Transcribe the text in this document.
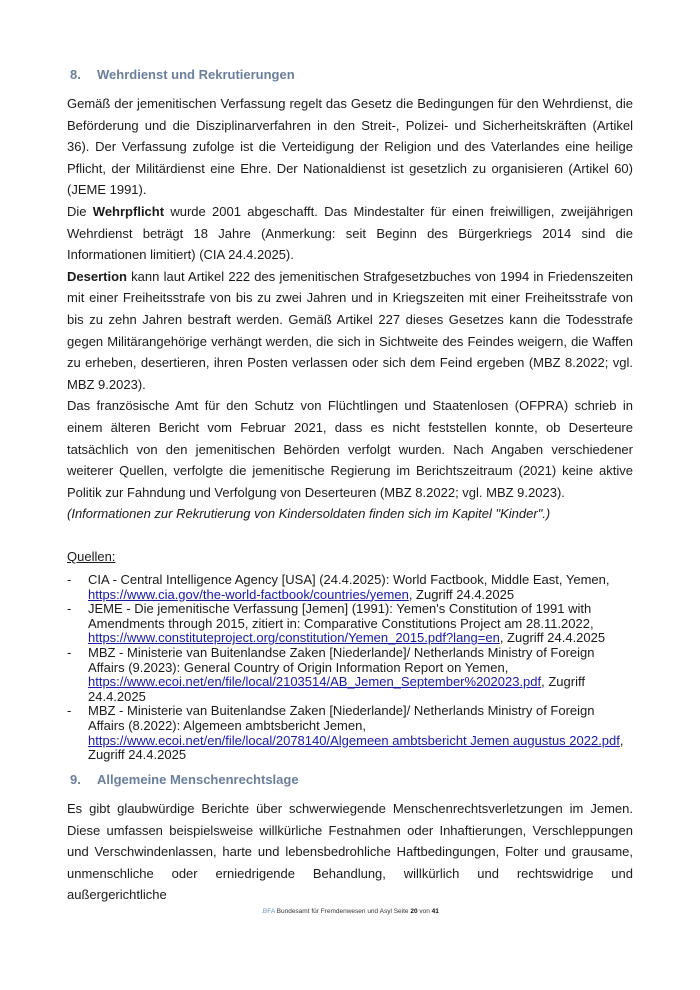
8.	Wehrdienst und Rekrutierungen

Gemäß der jemenitischen Verfassung regelt das Gesetz die Bedingungen für den Wehrdienst, die Beförderung und die Disziplinarverfahren in den Streit-, Polizei- und Sicherheitskräften (Artikel 36). Der Verfassung zufolge ist die Verteidigung der Religion und des Vaterlandes eine heilige Pflicht, der Militärdienst eine Ehre. Der Nationaldienst ist gesetzlich zu organisieren (Artikel 60) (JEME 1991).

Die Wehrpflicht wurde 2001 abgeschafft. Das Mindestalter für einen freiwilligen, zweijährigen Wehrdienst beträgt 18 Jahre (Anmerkung: seit Beginn des Bürgerkriegs 2014 sind die Informationen limitiert) (CIA 24.4.2025).

Desertion kann laut Artikel 222 des jemenitischen Strafgesetzbuches von 1994 in Friedenszeiten mit einer Freiheitsstrafe von bis zu zwei Jahren und in Kriegszeiten mit einer Freiheitsstrafe von bis zu zehn Jahren bestraft werden. Gemäß Artikel 227 dieses Gesetzes kann die Todesstrafe gegen Militärangehörige verhängt werden, die sich in Sichtweite des Feindes weigern, die Waffen zu erheben, desertieren, ihren Posten verlassen oder sich dem Feind ergeben (MBZ 8.2022; vgl. MBZ 9.2023).

Das französische Amt für den Schutz von Flüchtlingen und Staatenlosen (OFPRA) schrieb in einem älteren Bericht vom Februar 2021, dass es nicht feststellen konnte, ob Deserteure tatsächlich von den jemenitischen Behörden verfolgt wurden. Nach Angaben verschiedener weiterer Quellen, verfolgte die jemenitische Regierung im Berichtszeitraum (2021) keine aktive Politik zur Fahndung und Verfolgung von Deserteuren (MBZ 8.2022; vgl. MBZ 9.2023).

(Informationen zur Rekrutierung von Kindersoldaten finden sich im Kapitel "Kinder".)

Quellen:

- CIA - Central Intelligence Agency [USA] (24.4.2025): World Factbook, Middle East, Yemen, https://www.cia.gov/the-world-factbook/countries/yemen, Zugriff 24.4.2025
- JEME - Die jemenitische Verfassung [Jemen] (1991): Yemen's Constitution of 1991 with Amendments through 2015, zitiert in: Comparative Constitutions Project am 28.11.2022, https://www.constituteproject.org/constitution/Yemen_2015.pdf?lang=en, Zugriff 24.4.2025
- MBZ - Ministerie van Buitenlandse Zaken [Niederlande]/ Netherlands Ministry of Foreign Affairs (9.2023): General Country of Origin Information Report on Yemen, https://www.ecoi.net/en/file/local/2103514/AB_Jemen_September%202023.pdf, Zugriff 24.4.2025
- MBZ - Ministerie van Buitenlandse Zaken [Niederlande]/ Netherlands Ministry of Foreign Affairs (8.2022): Algemeen ambtsbericht Jemen, https://www.ecoi.net/en/file/local/2078140/Algemeen ambtsbericht Jemen augustus 2022.pdf, Zugriff 24.4.2025
9.	Allgemeine Menschenrechtslage

Es gibt glaubwürdige Berichte über schwerwiegende Menschenrechtsverletzungen im Jemen. Diese umfassen beispielsweise willkürliche Festnahmen oder Inhaftierungen, Verschleppungen und Verschwindenlassen, harte und lebensbedrohliche Haftbedingungen, Folter und grausame, unmenschliche oder erniedrigende Behandlung, willkürlich und rechtswidrige und außergerichtliche

.BFA Bundesamt für Fremdenwesen und Asyl Seite 20 von 41
